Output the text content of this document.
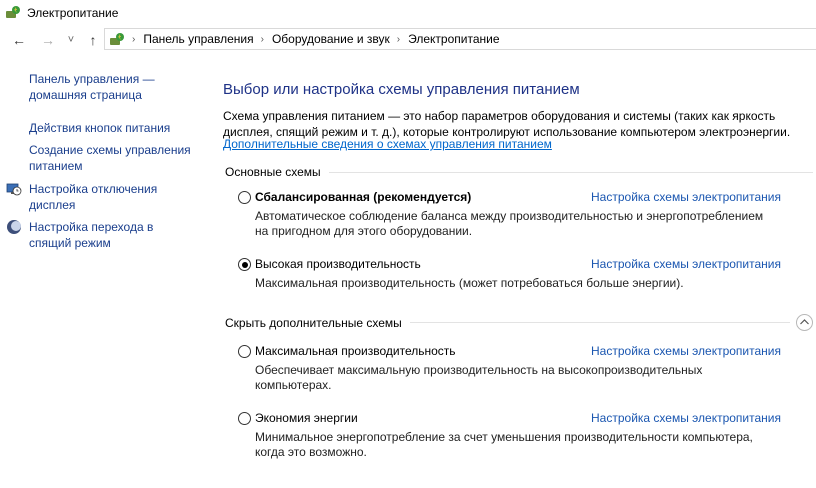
Электропитание
← →	˅	↑	› Панель управления › Оборудование и звук › Электропитание
Панель управления —
домашняя страница
Действия кнопок питания
Создание схемы управления питанием
Настройка отключения дисплея
Настройка перехода в спящий режим
Выбор или настройка схемы управления питанием
Схема управления питанием — это набор параметров оборудования и системы (таких как яркость дисплея, спящий режим и т. д.), которые контролируют использование компьютером электроэнергии.
Дополнительные сведения о схемах управления питанием
Основные схемы
Сбалансированная (рекомендуется)	Настройка схемы электропитания
Автоматическое соблюдение баланса между производительностью и энергопотреблением на пригодном для этого оборудовании.
Высокая производительность	Настройка схемы электропитания
Максимальная производительность (может потребоваться больше энергии).
Скрыть дополнительные схемы
Максимальная производительность	Настройка схемы электропитания
Обеспечивает максимальную производительность на высокопроизводительных компьютерах.
Экономия энергии	Настройка схемы электропитания
Минимальное энергопотребление за счет уменьшения производительности компьютера, когда это возможно.
